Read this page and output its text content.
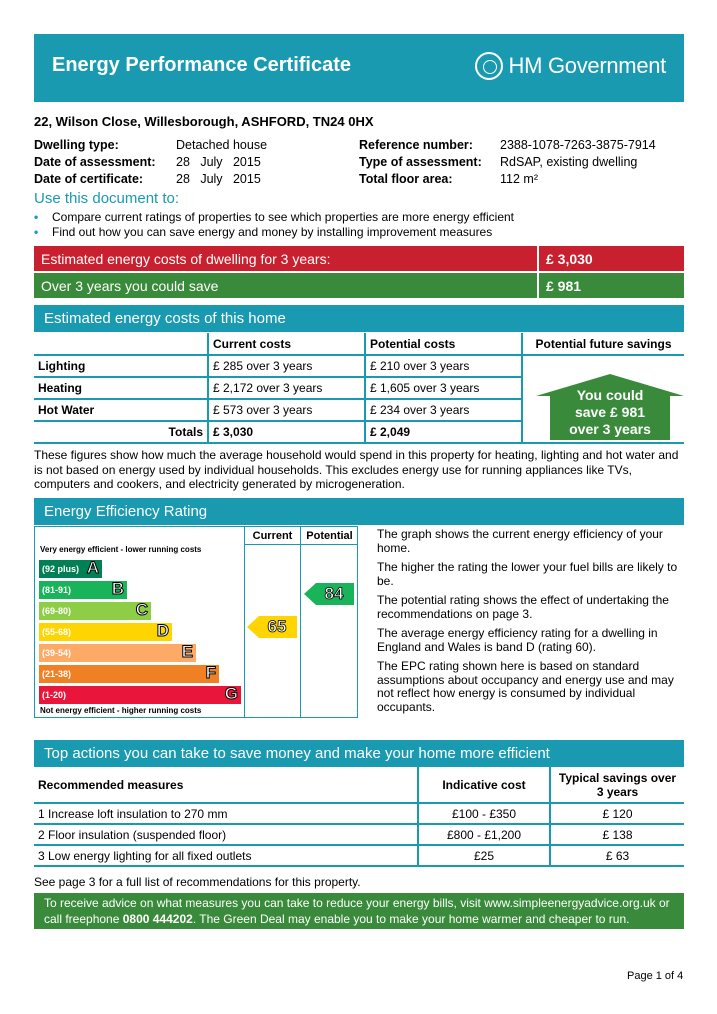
Energy Performance Certificate	HM Government
22, Wilson Close, Willesborough, ASHFORD, TN24 0HX
Dwelling type:	Detached house
Date of assessment:	28   July   2015
Date of certificate:	28   July   2015
Reference number:	2388-1078-7263-3875-7914
Type of assessment:	RdSAP, existing dwelling
Total floor area:	112 m²
Use this document to:
•	Compare current ratings of properties to see which properties are more energy efficient
•	Find out how you can save energy and money by installing improvement measures
Estimated energy costs of dwelling for 3 years:	£ 3,030
Over 3 years you could save	£ 981
Estimated energy costs of this home
	Current costs	Potential costs	Potential future savings
Lighting	£ 285 over 3 years	£ 210 over 3 years	
Heating	£ 2,172 over 3 years	£ 1,605 over 3 years	
Hot Water	£ 573 over 3 years	£ 234 over 3 years	
Totals	£ 3,030	£ 2,049	
You could
save £ 981
over 3 years
These figures show how much the average household would spend in this property for heating, lighting and hot water and is not based on energy used by individual households. This excludes energy use for running appliances like TVs, computers and cookers, and electricity generated by microgeneration.
Energy Efficiency Rating
Current	Potential
Very energy efficient - lower running costs
Not energy efficient - higher running costs
(92 plus) A
(81-91) B
(69-80)	C
(55-68)	D
(39-54)	E
(21-38)	F
(1-20)	G
65
84

The graph shows the current energy efficiency of your home.

The higher the rating the lower your fuel bills are likely to be.

The potential rating shows the effect of undertaking the recommendations on page 3.

The average energy efficiency rating for a dwelling in England and Wales is band D (rating 60).

The EPC rating shown here is based on standard assumptions about occupancy and energy use and may not reflect how energy is consumed by individual occupants.

Top actions you can take to save money and make your home more efficient
Recommended measures	Indicative cost	Typical savings over 3 years
1 Increase loft insulation to 270 mm	£100 - £350	£ 120
2 Floor insulation (suspended floor)	£800 - £1,200	£ 138
3 Low energy lighting for all fixed outlets	£25	£ 63
See page 3 for a full list of recommendations for this property.
To receive advice on what measures you can take to reduce your energy bills, visit www.simpleenergyadvice.org.uk or
call freephone 0800 444202. The Green Deal may enable you to make your home warmer and cheaper to run.
Page 1 of 4
